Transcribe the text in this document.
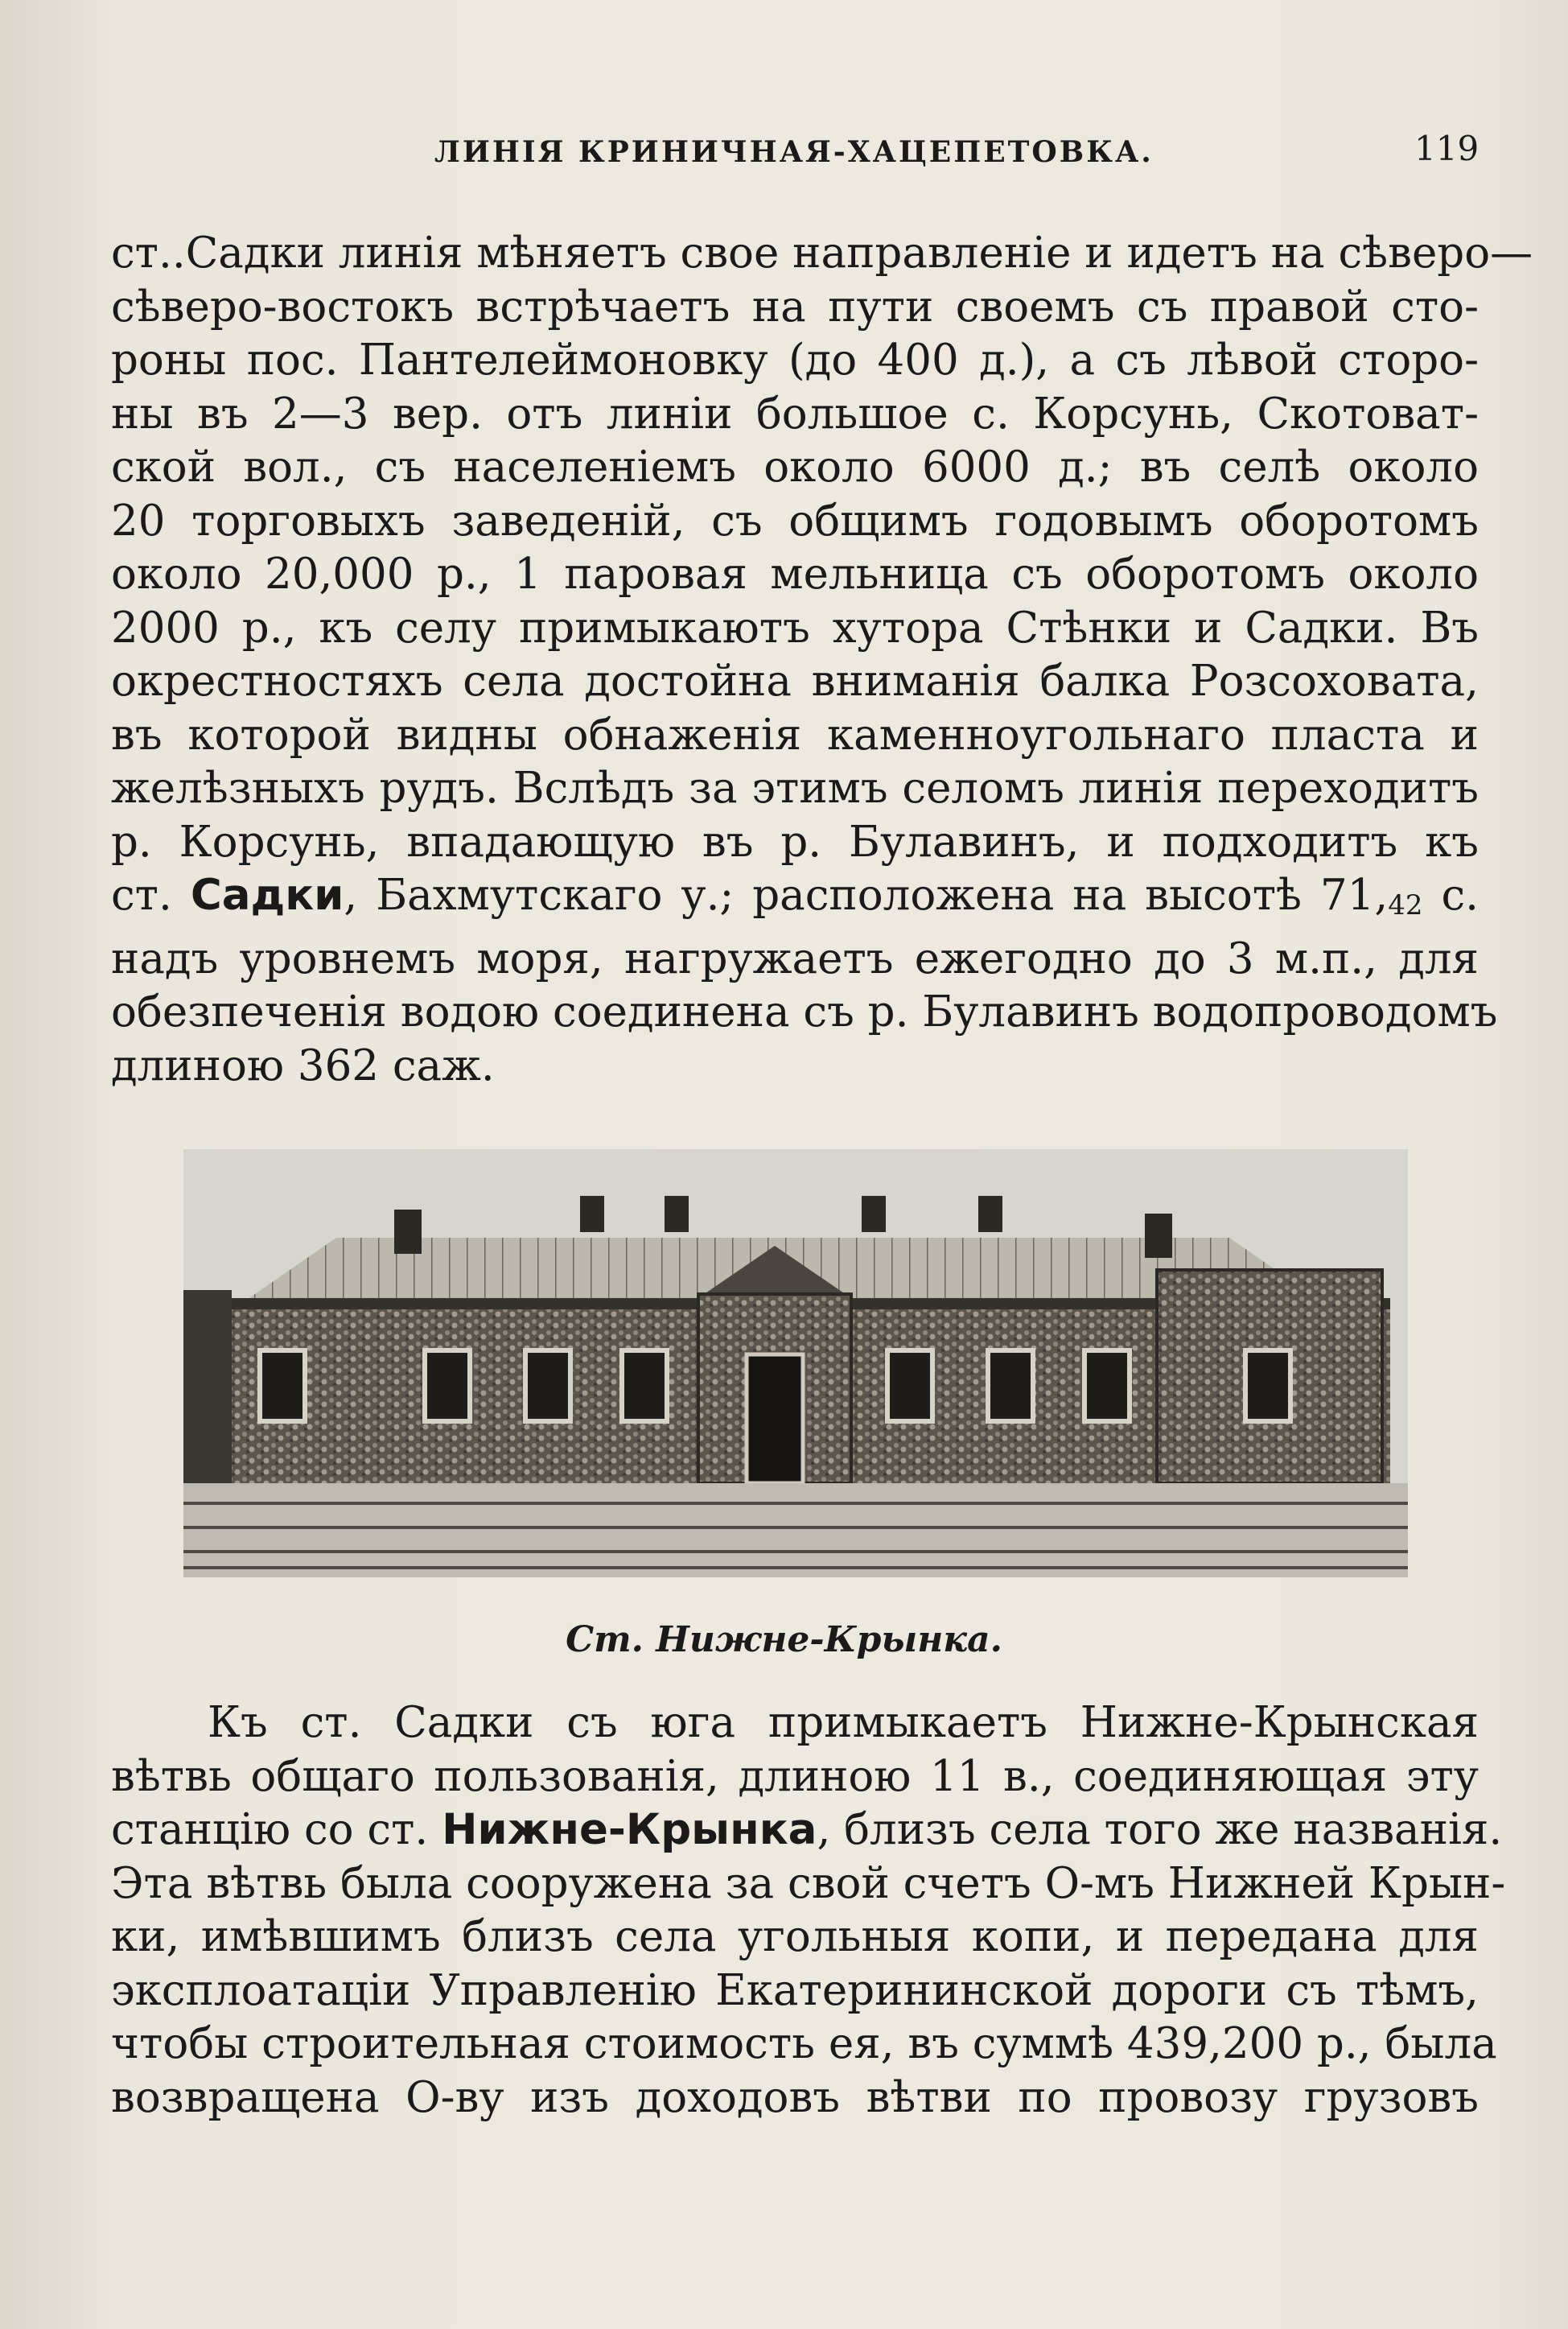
ЛИНІЯ КРИНИЧНАЯ-ХАЦЕПЕТОВКА.	119
ст..Садки линія мѣняетъ свое направленіе и идетъ на сѣверо—
сѣверо-востокъ встрѣчаетъ на пути своемъ съ правой сто-
роны пос. Пантелеймоновку (до 400 д.), а съ лѣвой сторо-
ны въ 2—3 вер. отъ линіи большое с. Корсунь, Скотоват-
ской вол., съ населеніемъ около 6000 д.; въ селѣ около
20 торговыхъ заведеній, съ общимъ годовымъ оборотомъ
около 20,000 р., 1 паровая мельница съ оборотомъ около
2000 р., къ селу примыкаютъ хутора Стѣнки и Садки. Въ
окрестностяхъ села достойна вниманія балка Розсоховата,
въ которой видны обнаженія каменноугольнаго пласта и
желѣзныхъ рудъ. Вслѣдъ за этимъ селомъ линія переходитъ
р. Корсунь, впадающую въ р. Булавинъ, и подходитъ къ
ст. Садки, Бахмутскаго у.; расположена на высотѣ $71,_{42}$ с.
надъ уровнемъ моря, нагружаетъ ежегодно до 3 м.п., для
обезпеченія водою соединена съ р. Булавинъ водопроводомъ
длиною 362 саж.
Ст. Нижне-Крынка.
Къ ст. Садки съ юга примыкаетъ Нижне-Крынская
вѣтвь общаго пользованія, длиною 11 в., соединяющая эту
станцію со ст. Нижне-Крынка, близъ села того же названія.
Эта вѣтвь была сооружена за свой счетъ О-мъ Нижней Крын-
ки, имѣвшимъ близъ села угольныя копи, и передана для
эксплоатаціи Управленію Екатерининской дороги съ тѣмъ,
чтобы строительная стоимость ея, въ суммѣ 439,200 р., была
возвращена О-ву изъ доходовъ вѣтви по провозу грузовъ
